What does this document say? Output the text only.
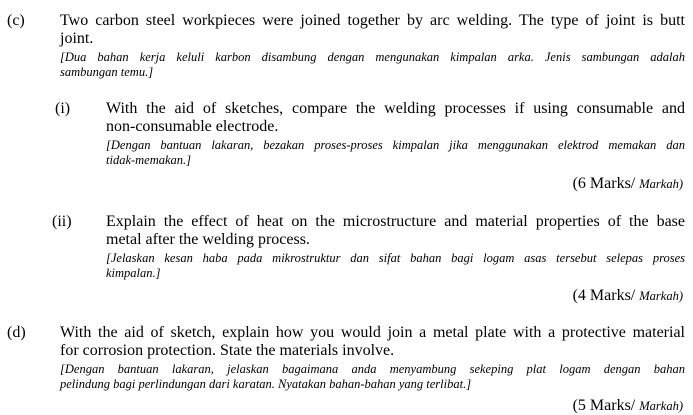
(c) Two carbon steel workpieces were joined together by arc welding. The type of joint is butt
joint.
[Dua bahan kerja keluli karbon disambung dengan mengunakan kimpalan arka. Jenis sambungan adalah
sambungan temu.]
(i) With the aid of sketches, compare the welding processes if using consumable and
non-consumable electrode.
[Dengan bantuan lakaran, bezakan proses-proses kimpalan jika menggunakan elektrod memakan dan
tidak-memakan.]
(6 Marks/ Markah)
(ii) Explain the effect of heat on the microstructure and material properties of the base
metal after the welding process.
[Jelaskan kesan haba pada mikrostruktur dan sifat bahan bagi logam asas tersebut selepas proses
kimpalan.]
(4 Marks/ Markah)
(d) With the aid of sketch, explain how you would join a metal plate with a protective material
for corrosion protection. State the materials involve.
[Dengan bantuan lakaran, jelaskan bagaimana anda menyambung sekeping plat logam dengan bahan
pelindung bagi perlindungan dari karatan. Nyatakan bahan-bahan yang terlibat.]
(5 Marks/ Markah)
